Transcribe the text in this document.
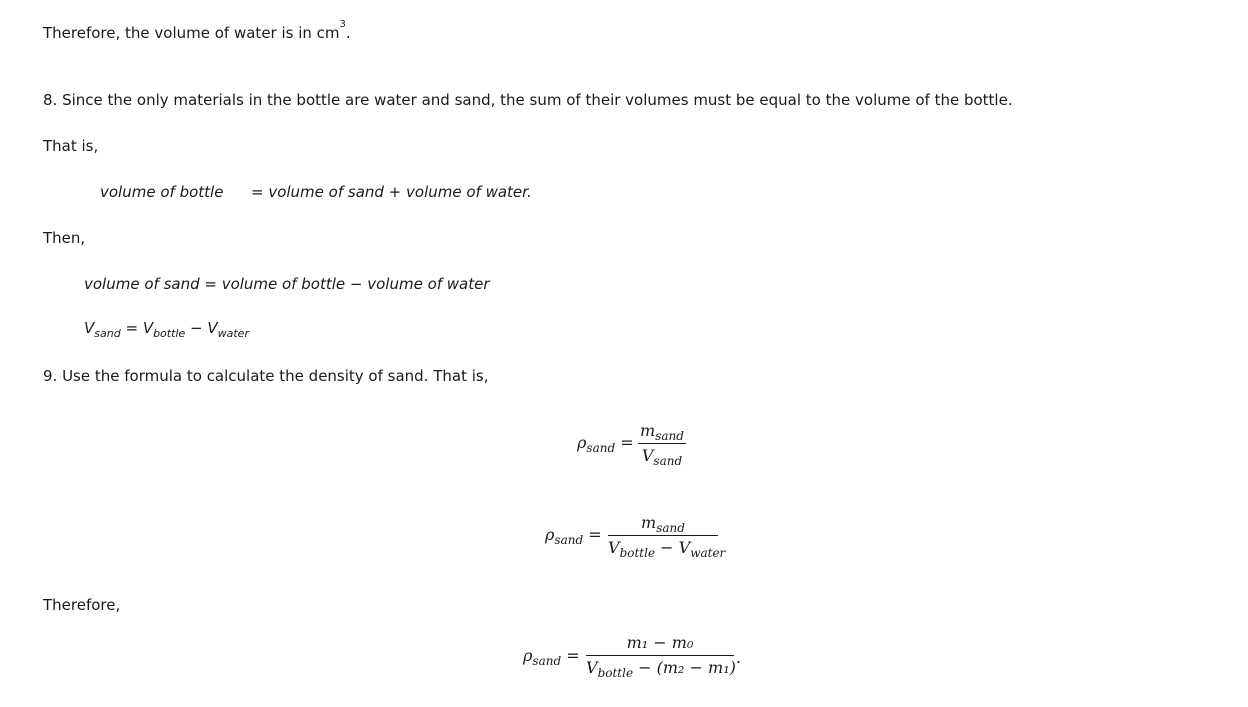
Therefore, the volume of water is in $cm^3$.
8. Since the only materials in the bottle are water and sand, the sum of their volumes must be equal to the volume of the bottle.
That is,
volume of bottle = volume of sand + volume of water.
Then,
volume of sand = volume of bottle − volume of water
$V_{sand} = V_{bottle} - V_{water}$
9. Use the formula to calculate the density of sand. That is,
$\rho_{sand}$ =
$m_{sand}$
$V_{sand}$
$\rho_{sand}$ =
$m_{sand}$
$V_{bottle} - V_{water}$
Therefore,
$\rho_{sand}$ =
m₁ − m₀
$V_{bottle} - (m_2 - m_1)$
.
